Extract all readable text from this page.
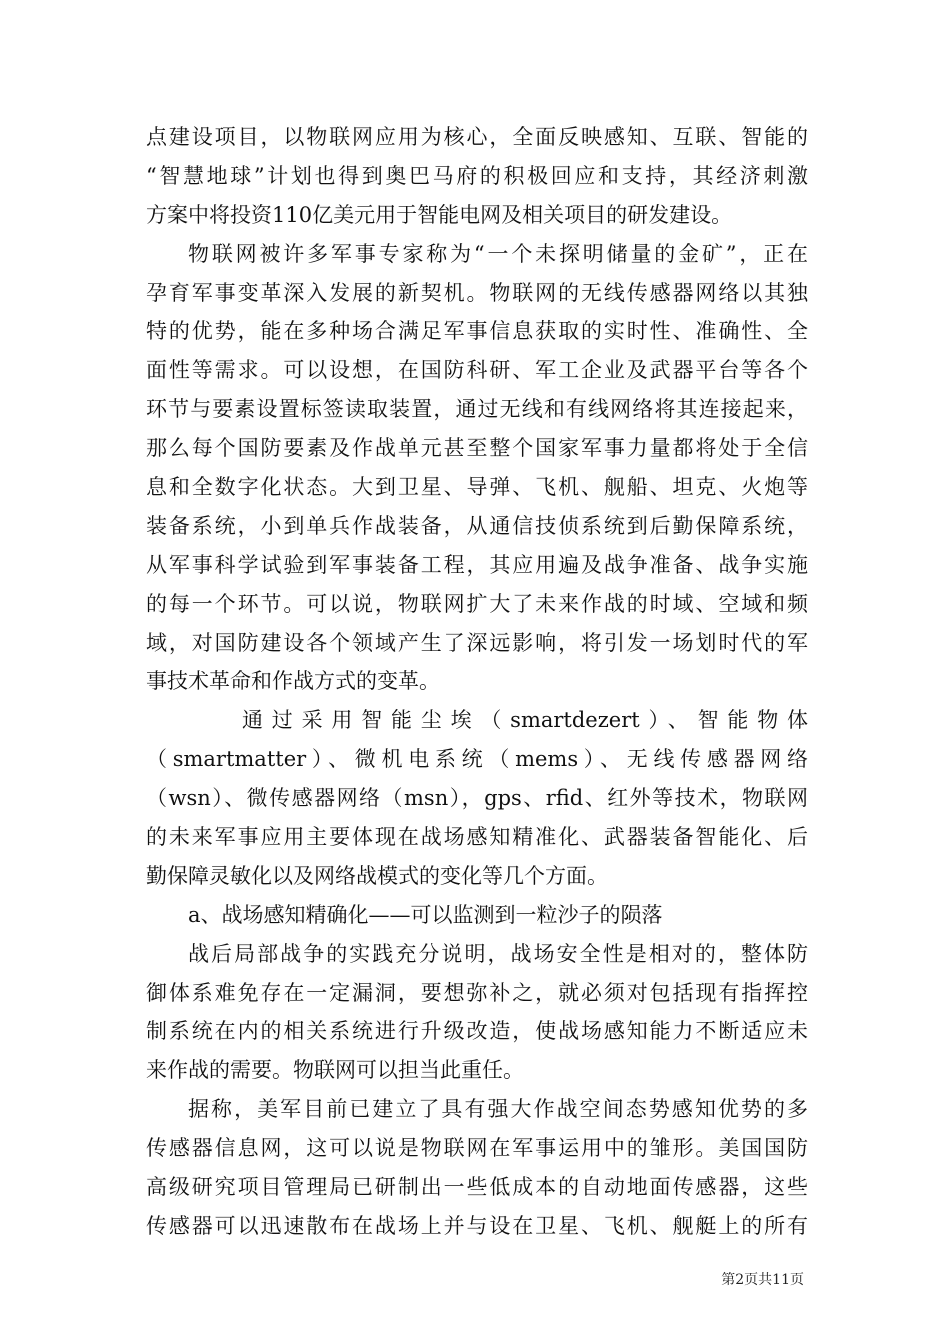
点建设项目，以物联网应用为核心，全面反映感知、互联、智能的
“智慧地球”计划也得到奥巴马府的积极回应和支持，其经济刺激
方案中将投资110亿美元用于智能电网及相关项目的研发建设。
物联网被许多军事专家称为“一个未探明储量的金矿”，正在
孕育军事变革深入发展的新契机。物联网的无线传感器网络以其独
特的优势，能在多种场合满足军事信息获取的实时性、准确性、全
面性等需求。可以设想，在国防科研、军工企业及武器平台等各个
环节与要素设置标签读取装置，通过无线和有线网络将其连接起来，
那么每个国防要素及作战单元甚至整个国家军事力量都将处于全信
息和全数字化状态。大到卫星、导弹、飞机、舰船、坦克、火炮等
装备系统，小到单兵作战装备，从通信技侦系统到后勤保障系统，
从军事科学试验到军事装备工程，其应用遍及战争准备、战争实施
的每一个环节。可以说，物联网扩大了未来作战的时域、空域和频
域，对国防建设各个领域产生了深远影响，将引发一场划时代的军
事技术革命和作战方式的变革。
通过采用智能尘埃（smartdezert）、智能物体
（smartmatter）、微机电系统（mems）、无线传感器网络
（wsn）、微传感器网络（msn），gps、rfid、红外等技术，物联网
的未来军事应用主要体现在战场感知精准化、武器装备智能化、后
勤保障灵敏化以及网络战模式的变化等几个方面。
a、战场感知精确化——可以监测到一粒沙子的陨落
战后局部战争的实践充分说明，战场安全性是相对的，整体防
御体系难免存在一定漏洞，要想弥补之，就必须对包括现有指挥控
制系统在内的相关系统进行升级改造，使战场感知能力不断适应未
来作战的需要。物联网可以担当此重任。
据称，美军目前已建立了具有强大作战空间态势感知优势的多
传感器信息网，这可以说是物联网在军事运用中的雏形。美国国防
高级研究项目管理局已研制出一些低成本的自动地面传感器，这些
传感器可以迅速散布在战场上并与设在卫星、飞机、舰艇上的所有
第2页共11页
